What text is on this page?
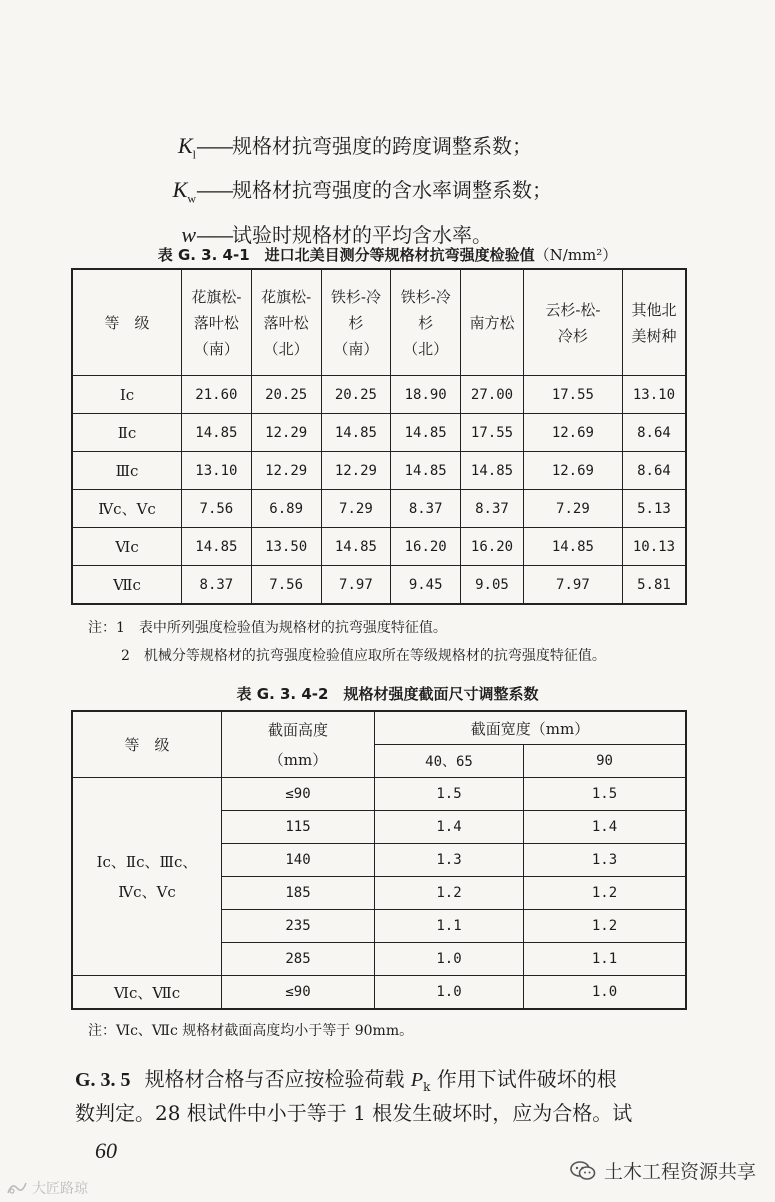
$K_l$ —— 规格材抗弯强度的跨度调整系数；
$K_w$ —— 规格材抗弯强度的含水率调整系数；
w —— 试验时规格材的平均含水率。
表 G. 3. 4-1　进口北美目测分等规格材抗弯强度检验值（N/mm²）
等　级	花旗松-
落叶松
（南）	花旗松-
落叶松
（北）	铁杉-冷
杉
（南）	铁杉-冷
杉
（北）	南方松	云杉-松-
冷杉	其他北
美树种
Ⅰc	21.60	20.25	20.25	18.90	27.00	17.55	13.10
Ⅱc	14.85	12.29	14.85	14.85	17.55	12.69	8.64
Ⅲc	13.10	12.29	12.29	14.85	14.85	12.69	8.64
Ⅳc、Ⅴc	7.56	6.89	7.29	8.37	8.37	7.29	5.13
Ⅵc	14.85	13.50	14.85	16.20	16.20	14.85	10.13
Ⅶc	8.37	7.56	7.97	9.45	9.05	7.97	5.81
注：1　表中所列强度检验值为规格材的抗弯强度特征值。
2　机械分等规格材的抗弯强度检验值应取所在等级规格材的抗弯强度特征值。
表 G. 3. 4-2　规格材强度截面尺寸调整系数
等　级	截面高度
（mm）	截面宽度（mm）	
		40、65	90
Ⅰc、Ⅱc、Ⅲc、
Ⅳc、Ⅴc	≤90	1.5	1.5
	115	1.4	1.4
	140	1.3	1.3
	185	1.2	1.2
	235	1.1	1.2
	285	1.0	1.1
Ⅵc、Ⅶc	≤90	1.0	1.0
注：Ⅵc、Ⅶc 规格材截面高度均小于等于 90mm。
G. 3. 5 规格材合格与否应按检验荷载 $P_k$ 作用下试件破坏的根
数判定。28 根试件中小于等于 1 根发生破坏时，应为合格。试
60
土木工程资源共享
大匠路琼
